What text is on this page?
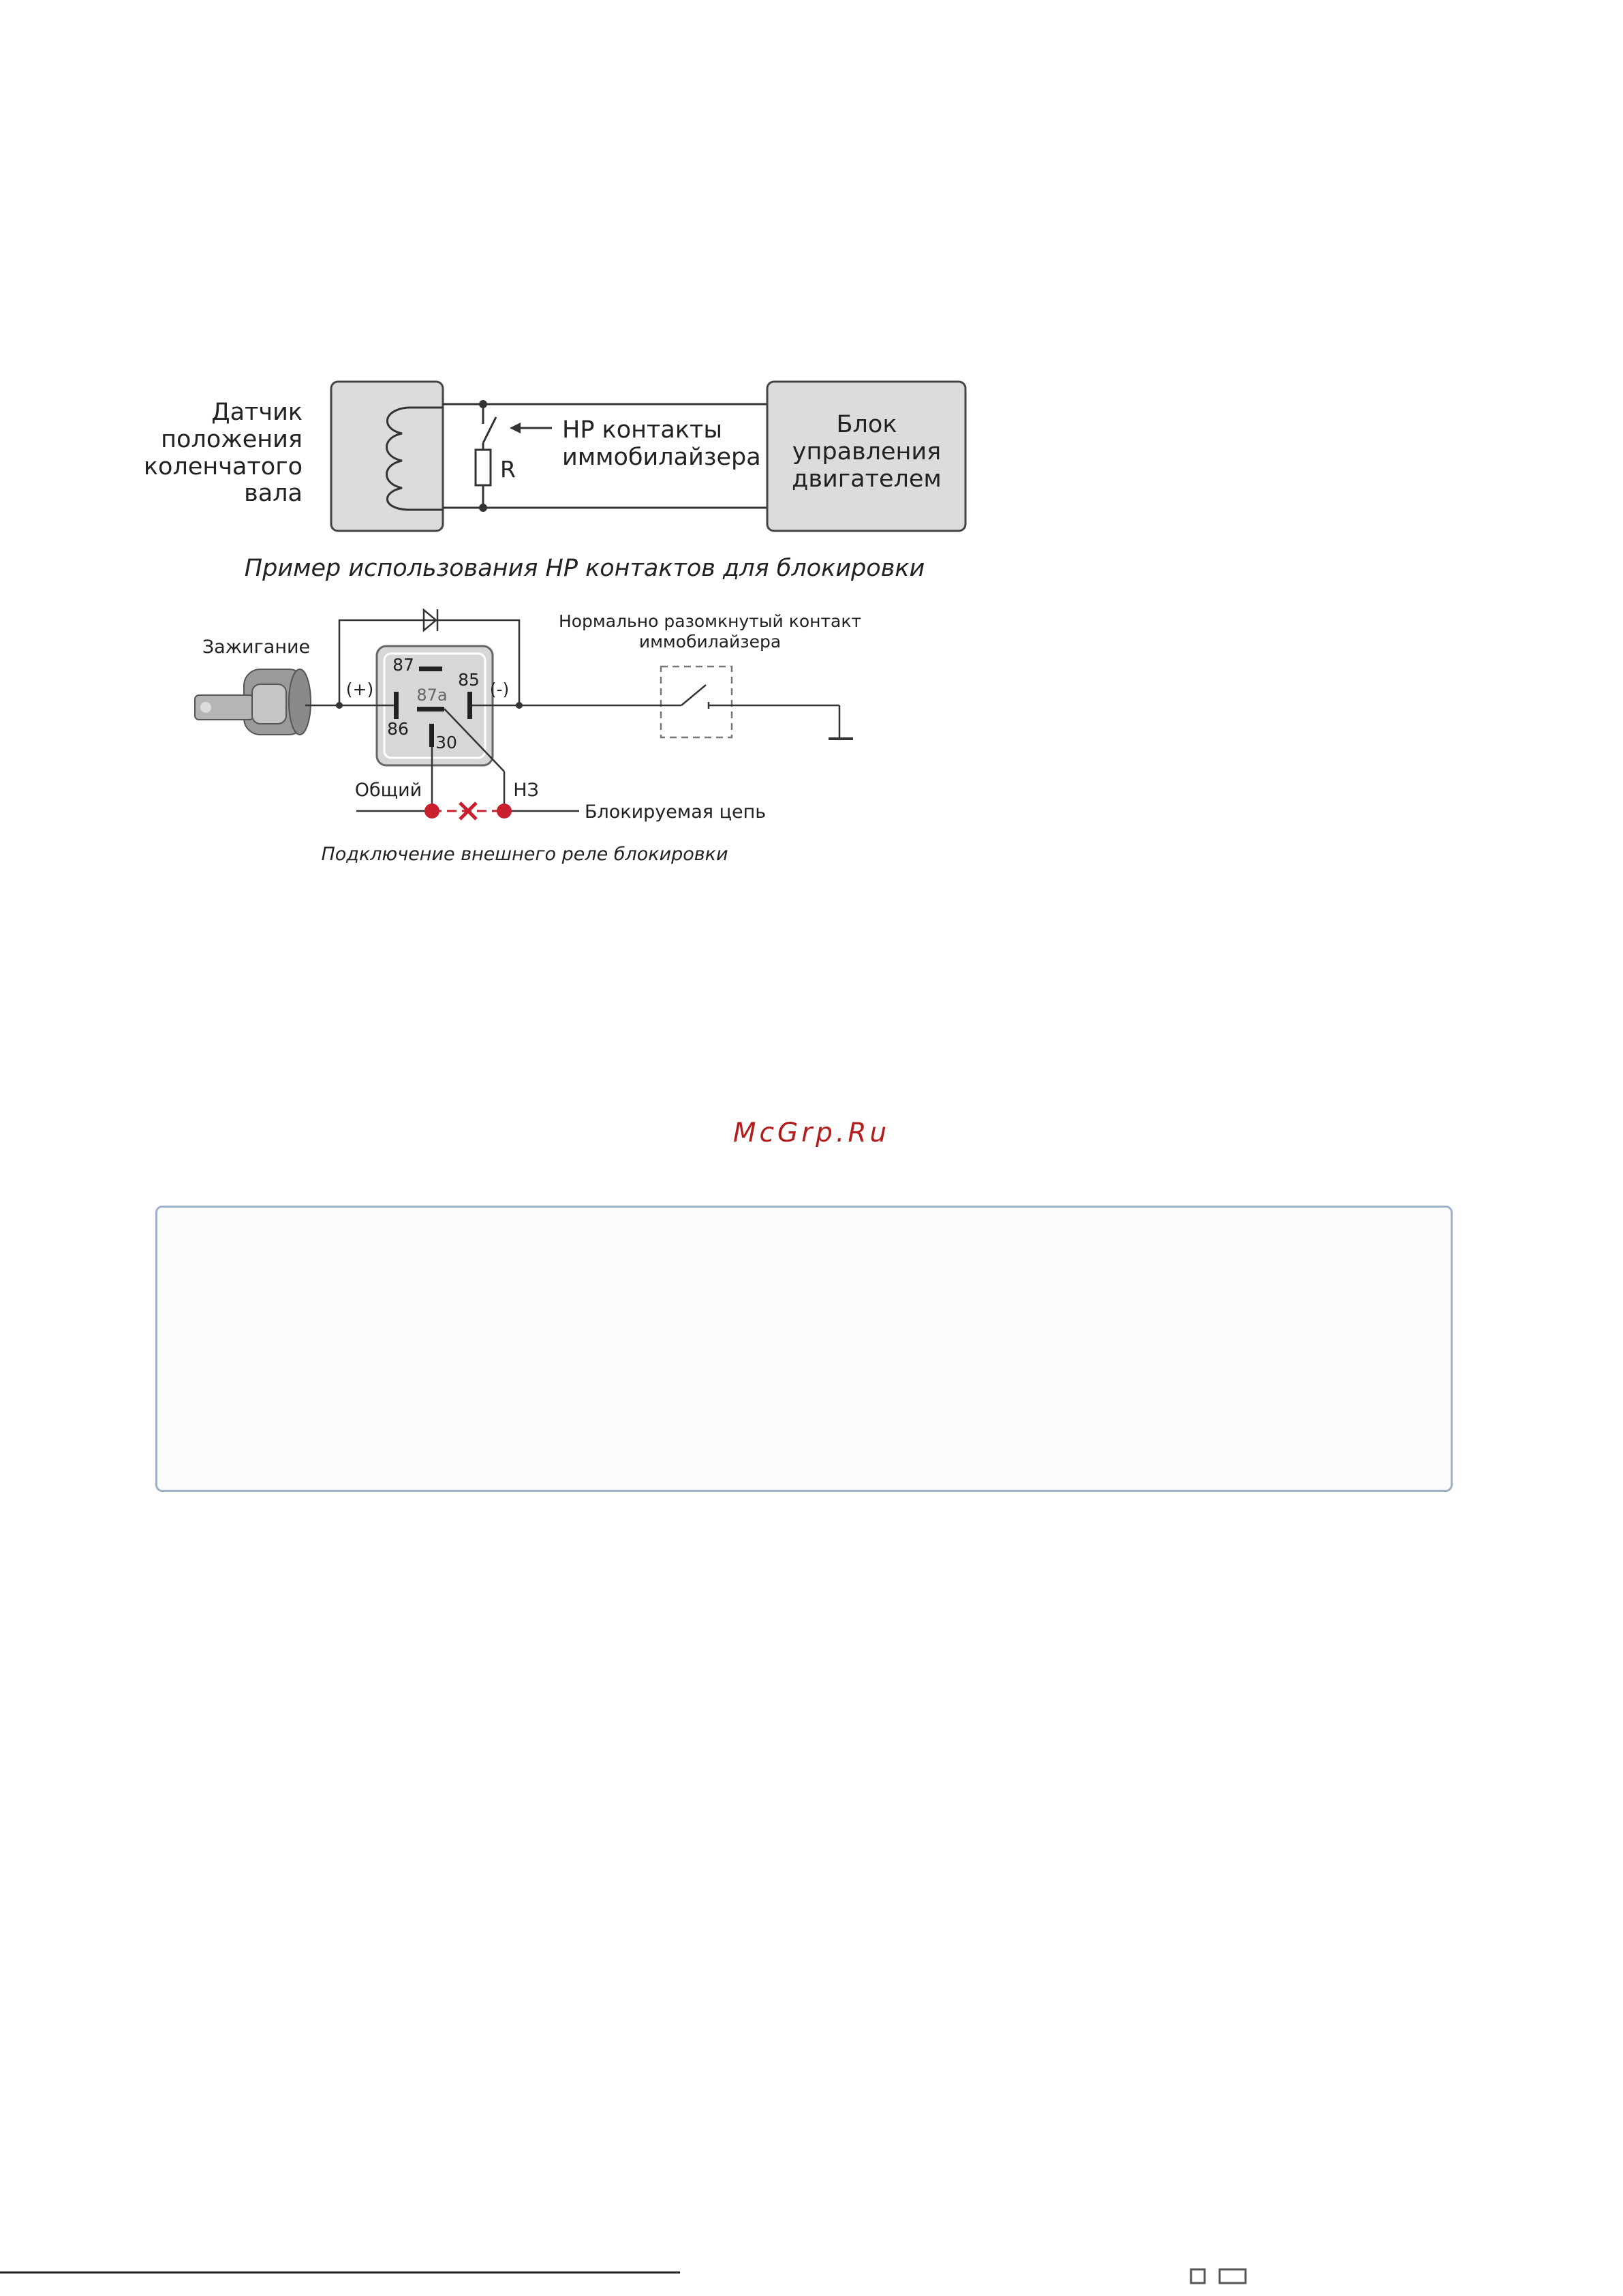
Датчик
положения
коленчатого
вала
R
НР контакты
иммобилайзера
Блок
управления
двигателем
Пример использования НР контактов для блокировки
Зажигание
(+)	(-)
87
87a
85
86
30
Нормально разомкнутый контакт
иммобилайзера
Общий	НЗ
Блокируемая цепь
Подключение внешнего реле блокировки
McGrp.Ru
